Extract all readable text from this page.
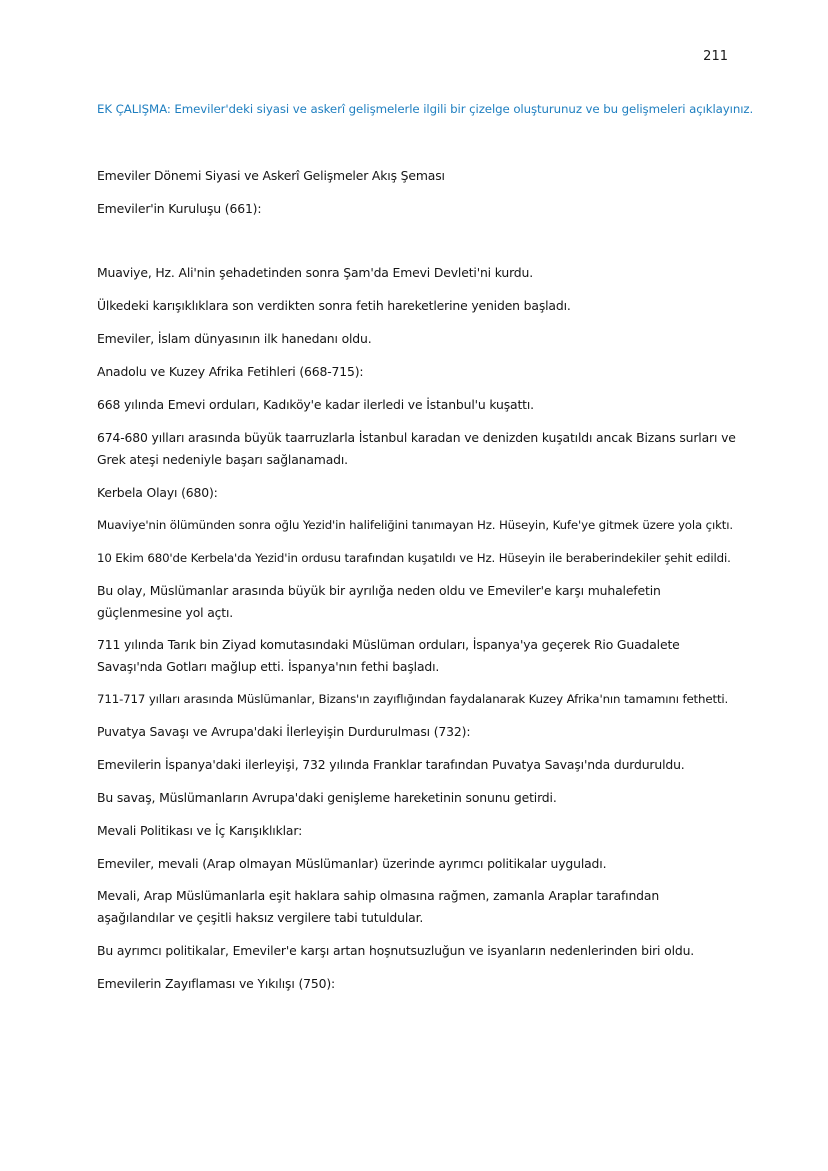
211
EK ÇALIŞMA: Emeviler'deki siyasi ve askerî gelişmelerle ilgili bir çizelge oluşturunuz ve bu gelişmeleri açıklayınız.
Emeviler Dönemi Siyasi ve Askerî Gelişmeler Akış Şeması
Emeviler'in Kuruluşu (661):
Muaviye, Hz. Ali'nin şehadetinden sonra Şam'da Emevi Devleti'ni kurdu.
Ülkedeki karışıklıklara son verdikten sonra fetih hareketlerine yeniden başladı.
Emeviler, İslam dünyasının ilk hanedanı oldu.
Anadolu ve Kuzey Afrika Fetihleri (668-715):
668 yılında Emevi orduları, Kadıköy'e kadar ilerledi ve İstanbul'u kuşattı.
674-680 yılları arasında büyük taarruzlarla İstanbul karadan ve denizden kuşatıldı ancak Bizans surları ve Grek ateşi nedeniyle başarı sağlanamadı.
Kerbela Olayı (680):
Muaviye'nin ölümünden sonra oğlu Yezid'in halifeliğini tanımayan Hz. Hüseyin, Kufe'ye gitmek üzere yola çıktı.
10 Ekim 680'de Kerbela'da Yezid'in ordusu tarafından kuşatıldı ve Hz. Hüseyin ile beraberindekiler şehit edildi.
Bu olay, Müslümanlar arasında büyük bir ayrılığa neden oldu ve Emeviler'e karşı muhalefetin güçlenmesine yol açtı.
711 yılında Tarık bin Ziyad komutasındaki Müslüman orduları, İspanya'ya geçerek Rio Guadalete Savaşı'nda Gotları mağlup etti. İspanya'nın fethi başladı.
711-717 yılları arasında Müslümanlar, Bizans'ın zayıflığından faydalanarak Kuzey Afrika'nın tamamını fethetti.
Puvatya Savaşı ve Avrupa'daki İlerleyişin Durdurulması (732):
Emevilerin İspanya'daki ilerleyişi, 732 yılında Franklar tarafından Puvatya Savaşı'nda durduruldu.
Bu savaş, Müslümanların Avrupa'daki genişleme hareketinin sonunu getirdi.
Mevali Politikası ve İç Karışıklıklar:
Emeviler, mevali (Arap olmayan Müslümanlar) üzerinde ayrımcı politikalar uyguladı.
Mevali, Arap Müslümanlarla eşit haklara sahip olmasına rağmen, zamanla Araplar tarafından aşağılandılar ve çeşitli haksız vergilere tabi tutuldular.
Bu ayrımcı politikalar, Emeviler'e karşı artan hoşnutsuzluğun ve isyanların nedenlerinden biri oldu.
Emevilerin Zayıflaması ve Yıkılışı (750):
